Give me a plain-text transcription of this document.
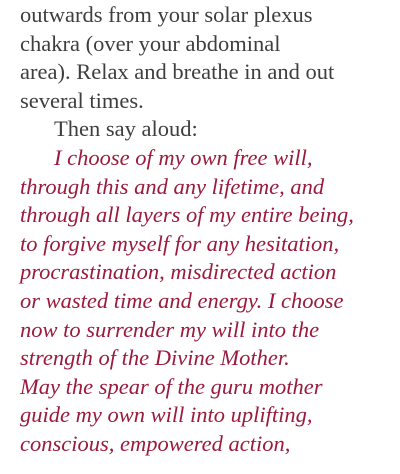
outwards from your solar plexus
chakra (over your abdominal
area). Relax and breathe in and out
several times.
Then say aloud:
I choose of my own free will,
through this and any lifetime, and
through all layers of my entire being,
to forgive myself for any hesitation,
procrastination, misdirected action
or wasted time and energy. I choose
now to surrender my will into the
strength of the Divine Mother.
May the spear of the guru mother
guide my own will into uplifting,
conscious, empowered action,
